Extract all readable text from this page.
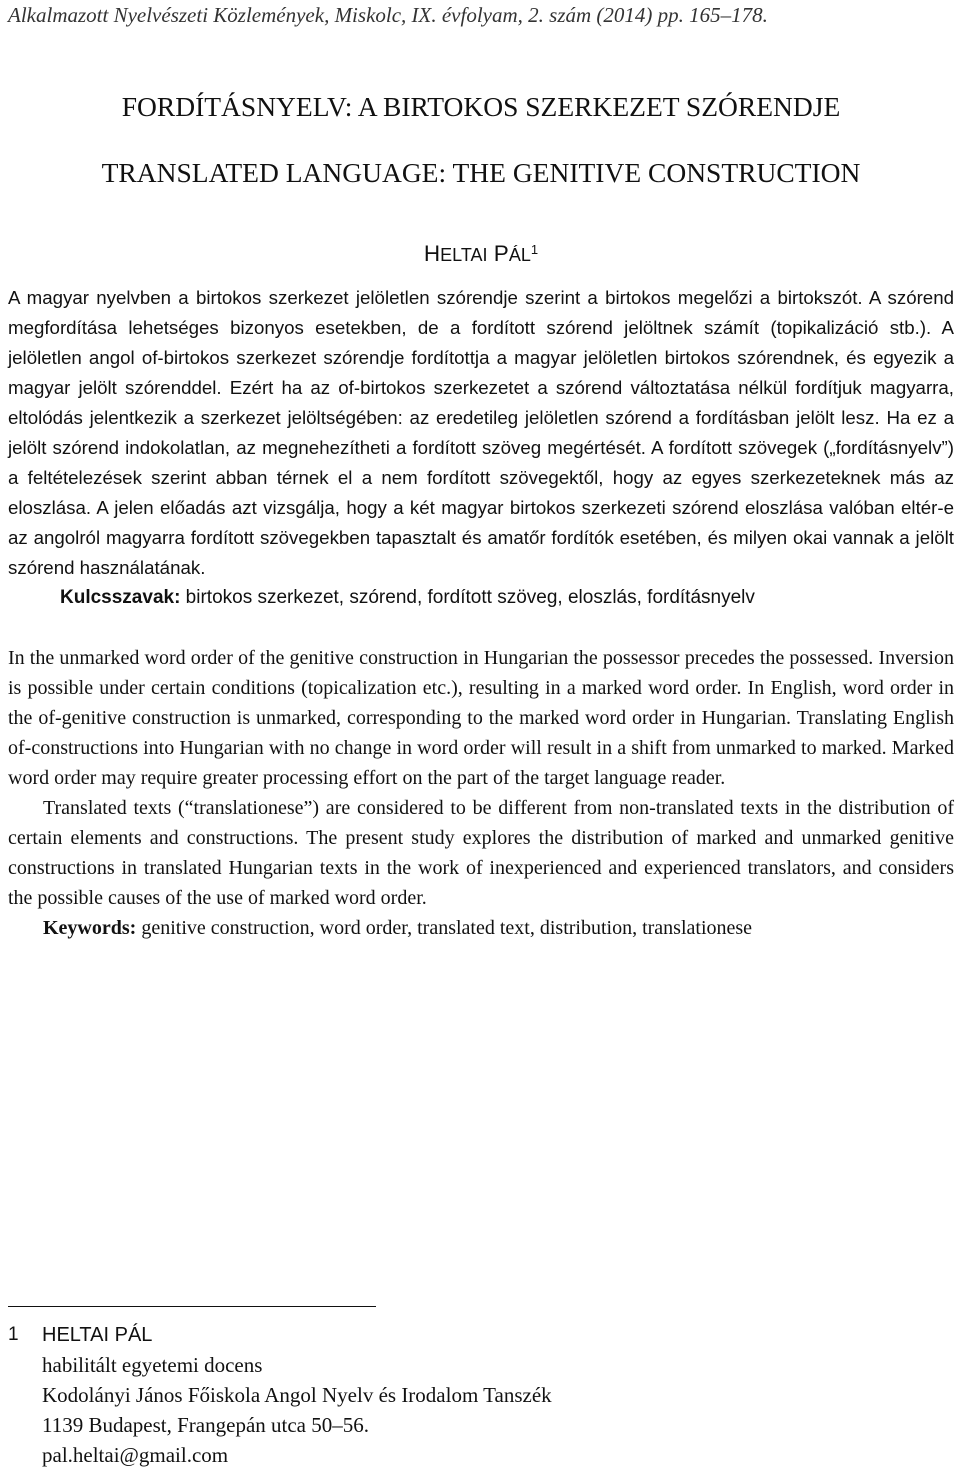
Alkalmazott Nyelvészeti Közlemények, Miskolc, IX. évfolyam, 2. szám (2014) pp. 165–178.

FORDÍTÁSNYELV: A BIRTOKOS SZERKEZET SZÓRENDJE
TRANSLATED LANGUAGE: THE GENITIVE CONSTRUCTION
HELTAI PÁL$^1$

A magyar nyelvben a birtokos szerkezet jelöletlen szórendje szerint a birtokos megelőzi a birtokszót. A szórend megfordítása lehetséges bizonyos esetekben, de a fordított szórend jelöltnek számít (topikalizáció stb.). A jelöletlen angol of-birtokos szerkezet szórendje fordítottja a magyar jelöletlen birtokos szórendnek, és egyezik a magyar jelölt szórenddel. Ezért ha az of-birtokos szerkezetet a szórend változtatása nélkül fordítjuk magyarra, eltolódás jelentkezik a szerkezet jelöltségében: az eredetileg jelöletlen szórend a fordításban jelölt lesz. Ha ez a jelölt szórend indokolatlan, az megnehezítheti a fordított szöveg megértését. A fordított szövegek („fordításnyelv”) a feltételezések szerint abban térnek el a nem fordított szövegektől, hogy az egyes szerkezeteknek más az eloszlása. A jelen előadás azt vizsgálja, hogy a két magyar birtokos szerkezeti szórend eloszlása valóban eltér-e az angolról magyarra fordított szövegekben tapasztalt és amatőr fordítók esetében, és milyen okai vannak a jelölt szórend használatának.

Kulcsszavak: birtokos szerkezet, szórend, fordított szöveg, eloszlás, fordításnyelv

In the unmarked word order of the genitive construction in Hungarian the possessor precedes the possessed. Inversion is possible under certain conditions (topicalization etc.), resulting in a marked word order. In English, word order in the of-genitive construction is unmarked, corresponding to the marked word order in Hungarian. Translating English of-constructions into Hungarian with no change in word order will result in a shift from unmarked to marked. Marked word order may require greater processing effort on the part of the target language reader.

Translated texts (“translationese”) are considered to be different from non-translated texts in the distribution of certain elements and constructions. The present study explores the distribution of marked and unmarked genitive constructions in translated Hungarian texts in the work of inexperienced and experienced translators, and considers the possible causes of the use of marked word order.

Keywords: genitive construction, word order, translated text, distribution, translationese

1 HELTAI PÁL
habilitált egyetemi docens
Kodolányi János Főiskola Angol Nyelv és Irodalom Tanszék
1139 Budapest, Frangepán utca 50–56.
pal.heltai@gmail.com
